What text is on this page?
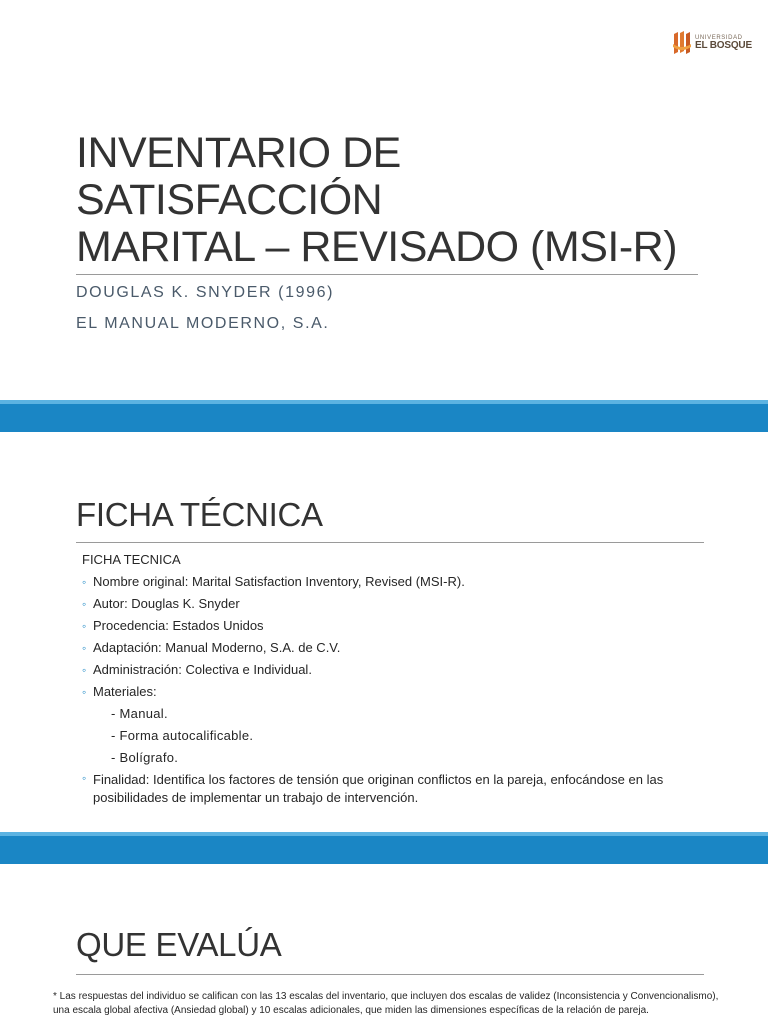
UNIVERSIDAD
EL BOSQUE
INVENTARIO DE SATISFACCIÓN
MARITAL – REVISADO (MSI-R)
DOUGLAS K. SNYDER (1996)
EL MANUAL MODERNO, S.A.
FICHA TÉCNICA
FICHA TECNICA
◦ Nombre original: Marital Satisfaction Inventory, Revised (MSI-R).
◦ Autor: Douglas K. Snyder
◦ Procedencia: Estados Unidos
◦ Adaptación: Manual Moderno, S.A. de C.V.
◦ Administración: Colectiva e Individual.
◦ Materiales:
- Manual.
- Forma autocalificable.
- Bolígrafo.
◦ Finalidad: Identifica los factores de tensión que originan conflictos en la pareja, enfocándose en las posibilidades de implementar un trabajo de intervención.
QUE EVALÚA

* Las respuestas del individuo se califican con las 13 escalas del inventario, que incluyen dos escalas de validez (Inconsistencia y Convencionalismo), una escala global afectiva (Ansiedad global) y 10 escalas adicionales, que miden las dimensiones específicas de la relación de pareja.
